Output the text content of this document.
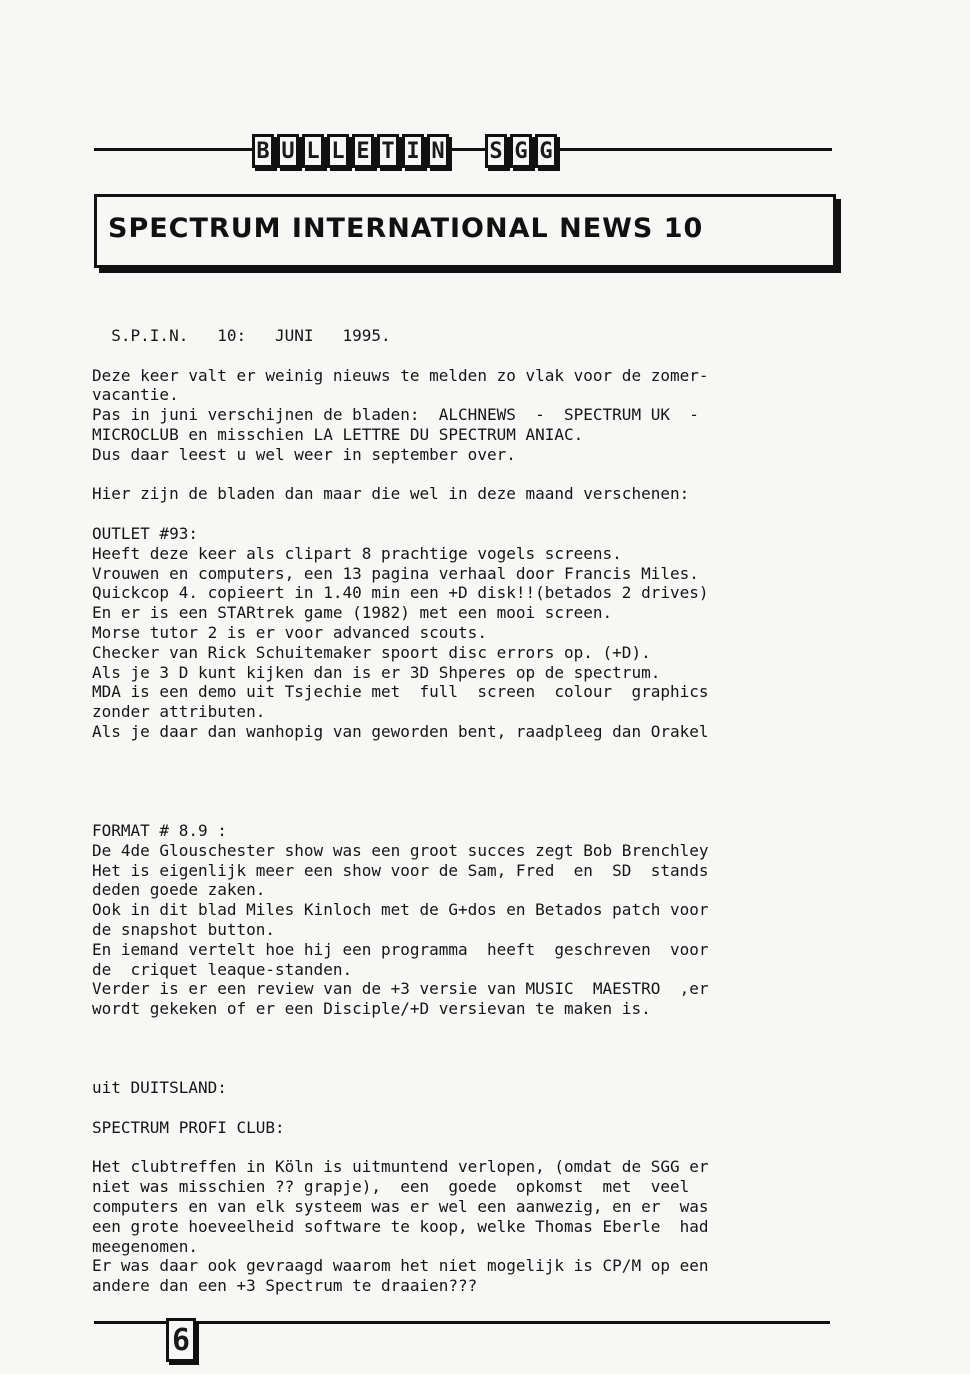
B U L L E T I N S G G
SPECTRUM INTERNATIONAL NEWS 10
S.P.I.N.   10:   JUNI   1995.
Deze keer valt er weinig nieuws te melden zo vlak voor de zomer-
vacantie.
Pas in juni verschijnen de bladen:  ALCHNEWS  -  SPECTRUM UK  -
MICROCLUB en misschien LA LETTRE DU SPECTRUM ANIAC.
Dus daar leest u wel weer in september over.
Hier zijn de bladen dan maar die wel in deze maand verschenen:
OUTLET #93:
Heeft deze keer als clipart 8 prachtige vogels screens.
Vrouwen en computers, een 13 pagina verhaal door Francis Miles.
Quickcop 4. copieert in 1.40 min een +D disk!!(betados 2 drives)
En er is een STARtrek game (1982) met een mooi screen.
Morse tutor 2 is er voor advanced scouts.
Checker van Rick Schuitemaker spoort disc errors op. (+D).
Als je 3 D kunt kijken dan is er 3D Shperes op de spectrum.
MDA is een demo uit Tsjechie met  full  screen  colour  graphics
zonder attributen.
Als je daar dan wanhopig van geworden bent, raadpleeg dan Orakel
FORMAT # 8.9 :
De 4de Glouschester show was een groot succes zegt Bob Brenchley
Het is eigenlijk meer een show voor de Sam, Fred  en  SD  stands
deden goede zaken.
Ook in dit blad Miles Kinloch met de G+dos en Betados patch voor
de snapshot button.
En iemand vertelt hoe hij een programma  heeft  geschreven  voor
de  criquet leaque-standen.
Verder is er een review van de +3 versie van MUSIC  MAESTRO  ,er
wordt gekeken of er een Disciple/+D versievan te maken is.
uit DUITSLAND:
SPECTRUM PROFI CLUB:
Het clubtreffen in Köln is uitmuntend verlopen, (omdat de SGG er
niet was misschien ?? grapje),  een  goede  opkomst  met  veel
computers en van elk systeem was er wel een aanwezig, en er  was
een grote hoeveelheid software te koop, welke Thomas Eberle  had
meegenomen.
Er was daar ook gevraagd waarom het niet mogelijk is CP/M op een
andere dan een +3 Spectrum te draaien???
6
